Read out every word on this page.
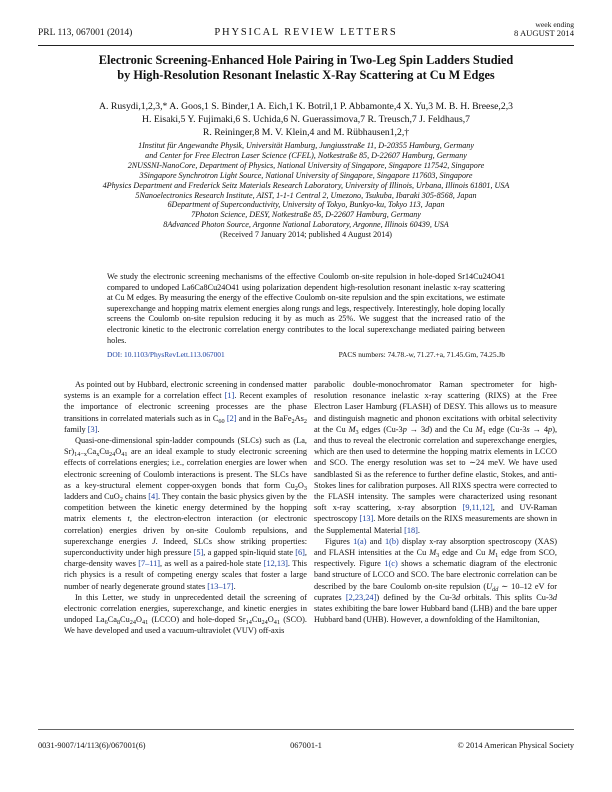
PRL 113, 067001 (2014)	PHYSICAL REVIEW LETTERS
week ending
8 AUGUST 2014
Electronic Screening-Enhanced Hole Pairing in Two-Leg Spin Ladders Studied
by High-Resolution Resonant Inelastic X-Ray Scattering at Cu M Edges
A. Rusydi,1,2,3,* A. Goos,1 S. Binder,1 A. Eich,1 K. Botril,1 P. Abbamonte,4 X. Yu,3 M. B. H. Breese,2,3
H. Eisaki,5 Y. Fujimaki,6 S. Uchida,6 N. Guerassimova,7 R. Treusch,7 J. Feldhaus,7
R. Reininger,8 M. V. Klein,4 and M. Rübhausen1,2,†
1Institut für Angewandte Physik, Universität Hamburg, Jungiusstraße 11, D-20355 Hamburg, Germany
and Center for Free Electron Laser Science (CFEL), Notkestraße 85, D-22607 Hamburg, Germany
2NUSSNI-NanoCore, Department of Physics, National University of Singapore, Singapore 117542, Singapore
3Singapore Synchrotron Light Source, National University of Singapore, Singapore 117603, Singapore
4Physics Department and Frederick Seitz Materials Research Laboratory, University of Illinois, Urbana, Illinois 61801, USA
5Nanoelectronics Research Institute, AIST, 1-1-1 Central 2, Umezono, Tsukuba, Ibaraki 305-8568, Japan
6Department of Superconductivity, University of Tokyo, Bunkyo-ku, Tokyo 113, Japan
7Photon Science, DESY, Notkestraße 85, D-22607 Hamburg, Germany
8Advanced Photon Source, Argonne National Laboratory, Argonne, Illinois 60439, USA
(Received 7 January 2014; published 4 August 2014)

We study the electronic screening mechanisms of the effective Coulomb on-site repulsion in hole-doped Sr14Cu24O41 compared to undoped La6Ca8Cu24O41 using polarization dependent high-resolution resonant inelastic x-ray scattering at Cu M edges. By measuring the energy of the effective Coulomb on-site repulsion and the spin excitations, we estimate superexchange and hopping matrix element energies along rungs and legs, respectively. Interestingly, hole doping locally screens the Coulomb on-site repulsion reducing it by as much as 25%. We suggest that the increased ratio of the electronic kinetic to the electronic correlation energy contributes to the local superexchange mediated pairing between holes.

DOI: 10.1103/PhysRevLett.113.067001	PACS numbers: 74.78.-w, 71.27.+a, 71.45.Gm, 74.25.Jb

As pointed out by Hubbard, electronic screening in condensed matter systems is an example for a correlation effect [1]. Recent examples of the importance of electronic screening processes are the phase transitions in correlated materials such as in $C_{60}$ [2] and in the $BaFe_2As_2$ family [3].

Quasi-one-dimensional spin-ladder compounds (SLCs) such as (La, $Sr)_{14-x}Ca_xCu_{24}O_{41}$ are an ideal example to study electronic screening effects of correlations energies; i.e., correlation energies are lower when electronic screening of Coulomb interactions is present. The SLCs have as a key-structural element copper-oxygen bonds that form $Cu_2O_3$ ladders and CuO$_2$ chains [4]. They contain the basic physics given by the competition between the kinetic energy determined by the hopping matrix elements t, the electron-electron interaction (or electronic correlation) energies driven by on-site Coulomb repulsions, and superexchange energies J. Indeed, SLCs show striking properties: superconductivity under high pressure [5], a gapped spin-liquid state [6], charge-density waves [7–11], as well as a paired-hole state [12,13]. This rich physics is a result of competing energy scales that foster a large number of nearly degenerate ground states [13–17].

In this Letter, we study in unprecedented detail the screening of electronic correlation energies, superexchange, and kinetic energies in undoped $La_6Ca_8Cu_{24}O_{41}$ (LCCO) and hole-doped $Sr_{14}Cu_{24}O_{41}$ (SCO). We have developed and used a vacuum-ultraviolet (VUV) off-axis

parabolic double-monochromator Raman spectrometer for high-resolution resonance inelastic x-ray scattering (RIXS) at the Free Electron Laser Hamburg (FLASH) of DESY. This allows us to measure and distinguish magnetic and phonon excitations with orbital selectivity at the Cu $M_3$ edges (Cu-3p → 3d) and the Cu $M_1$ edge (Cu-3s → 4p), and thus to reveal the electronic correlation and superexchange energies, which are then used to determine the hopping matrix elements in LCCO and SCO. The energy resolution was set to ∼24 meV. We have used sandblasted Si as the reference to further define elastic, Stokes, and anti-Stokes lines for calibration purposes. All RIXS spectra were corrected to the FLASH intensity. The samples were characterized using resonant soft x-ray scattering, x-ray absorption [9,11,12], and UV-Raman spectroscopy [13]. More details on the RIXS measurements are shown in the Supplemental Material [18].

Figures 1(a) and 1(b) display x-ray absorption spectroscopy (XAS) and FLASH intensities at the Cu $M_3$ edge and Cu $M_1$ edge from SCO, respectively. Figure 1(c) shows a schematic diagram of the electronic band structure of LCCO and SCO. The bare electronic correlation can be described by the bare Coulomb on-site repulsion ($U_{dd}$ ∼ 10–12 eV for cuprates [2,23,24]) defined by the Cu-3d orbitals. This splits Cu-3d states exhibiting the bare lower Hubbard band (LHB) and the bare upper Hubbard band (UHB). However, a downfolding of the Hamiltonian,

0031-9007/14/113(6)/067001(6)	067001-1	© 2014 American Physical Society
